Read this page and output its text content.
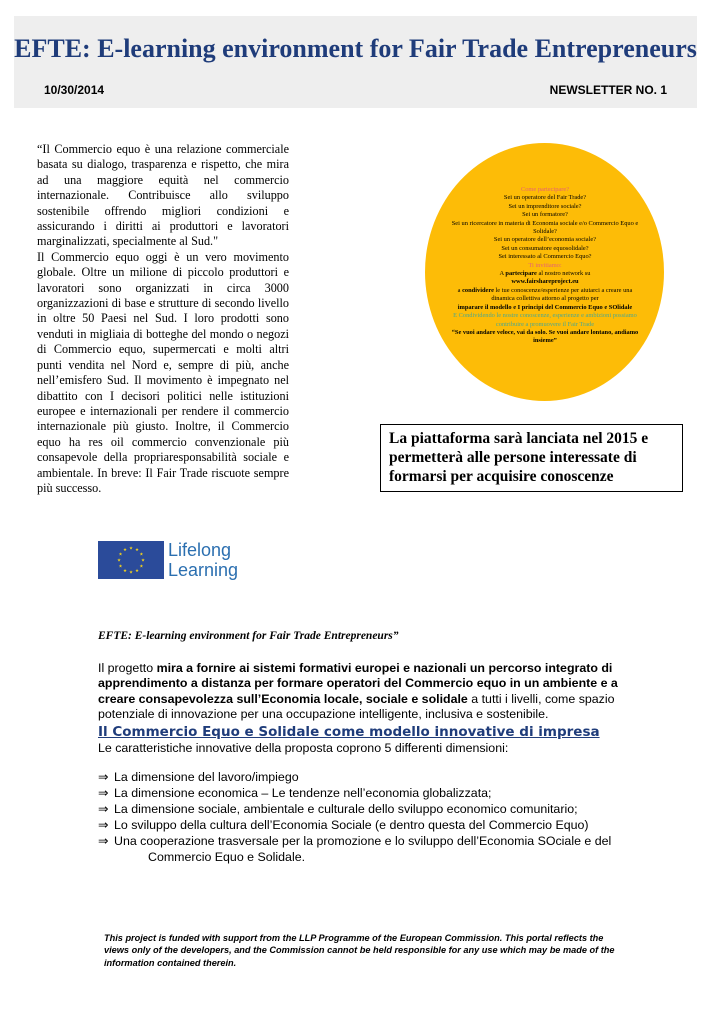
EFTE: E-learning environment for Fair Trade Entrepreneurs
10/30/2014	NEWSLETTER NO. 1

“Il Commercio equo è una relazione commerciale basata su dialogo, trasparenza e rispetto, che mira ad una maggiore equità nel commercio internazionale. Contribuisce allo sviluppo sostenibile offrendo migliori condizioni e assicurando i diritti ai produttori e lavoratori marginalizzati, specialmente al Sud."

Il Commercio equo oggi è un vero movimento globale. Oltre un milione di piccolo produttori e lavoratori sono organizzati in circa 3000 organizzazioni di base e strutture di secondo livello in oltre 50 Paesi nel Sud. I loro prodotti sono venduti in migliaia di botteghe del mondo o negozi di Commercio equo, supermercati e molti altri punti vendita nel Nord e, sempre di più, anche nell’emisfero Sud. Il movimento è impegnato nel dibattito con I decisori politici nelle istituzioni europee e internazionali per rendere il commercio internazionale più giusto. Inoltre, il Commercio equo ha res oil commercio convenzionale più consapevole della propriaresponsabilità sociale e ambientale. In breve: Il Fair Trade riscuote sempre più successo.

Come partecipare?
Sei un operatore del Fair Trade?
Sei un imprenditore sociale?
Sei un formatore?
Sei un ricercatore in materia di Economia sociale e/o Commercio Equo e Solidale?
Sei un operatore dell’economia sociale?
Sei un consumatore equosolidale?
Sei interessato al Commercio Equo?
Ti invitiamo:
A partecipare al nostro network su
www.fairshareproject.eu
a condividere le tue conoscenze/esperienze per aiutarci a creare una dinamica collettiva attorno al progetto per
imparare il modello e I principi del Commercio Equo e SOlidale
E Condividendo le nostre conoscenze, esperienze e ambizioni possiamo contribuire a promuovere il Fair Trade
“Se vuoi andare veloce, vai da solo. Se vuoi andare lontano, andiamo insieme”
La piattaforma sarà lanciata nel 2015 e permetterà alle persone interessate di formarsi per acquisire conoscenze
★ ★
★
★
★
★
★
★
★
★
★
★ Lifelong
Learning
EFTE: E-learning environment for Fair Trade Entrepreneurs”

Il progetto mira a fornire ai sistemi formativi europei e nazionali un percorso integrato di apprendimento a distanza per formare operatori del Commercio equo in un ambiente e a creare consapevolezza sull’Economia locale, sociale e solidale a tutti i livelli, come spazio potenziale di innovazione per una occupazione intelligente, inclusiva e sostenibile.

Il Commercio Equo e Solidale come modello innovative di impresa
Le caratteristiche innovative della proposta coprono 5 differenti dimensioni:
⇒ La dimensione del lavoro/impiego
⇒ La dimensione economica – Le tendenze nell’economia globalizzata;
⇒ La dimensione sociale, ambientale e culturale dello sviluppo economico comunitario;
⇒ Lo sviluppo della cultura dell’Economia Sociale (e dentro questa del Commercio Equo)
⇒ Una cooperazione trasversale per la promozione e lo sviluppo dell’Economia SOciale e del
Commercio Equo e Solidale.
This project is funded with support from the LLP Programme of the European Commission. This portal reflects the views only of the developers, and the Commission cannot be held responsible for any use which may be made of the information contained therein.
